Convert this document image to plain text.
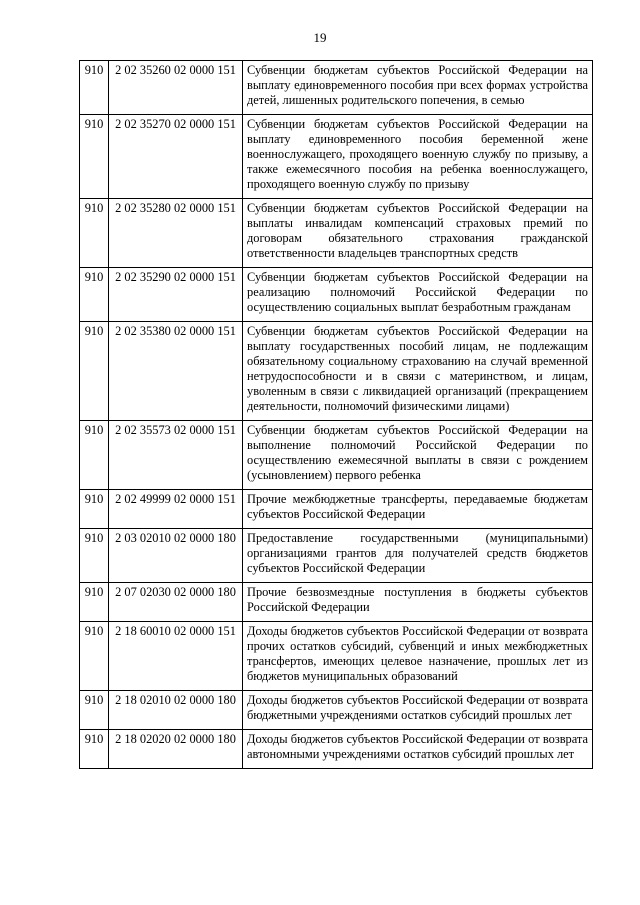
19
910	2 02 35260 02 0000 151	Субвенции бюджетам субъектов Российской Федерации на выплату единовременного пособия при всех формах устройства детей, лишенных родительского попечения, в семью
910	2 02 35270 02 0000 151	Субвенции бюджетам субъектов Российской Федерации на выплату единовременного пособия беременной жене военнослужащего, проходящего военную службу по призыву, а также ежемесячного пособия на ребенка военнослужащего, проходящего военную службу по призыву
910	2 02 35280 02 0000 151	Субвенции бюджетам субъектов Российской Федерации на выплаты инвалидам компенсаций страховых премий по договорам обязательного страхования гражданской ответственности владельцев транспортных средств
910	2 02 35290 02 0000 151	Субвенции бюджетам субъектов Российской Федерации на реализацию полномочий Российской Федерации по осуществлению социальных выплат безработным гражданам
910	2 02 35380 02 0000 151	Субвенции бюджетам субъектов Российской Федерации на выплату государственных пособий лицам, не подлежащим обязательному социальному страхованию на случай временной нетрудоспособности и в связи с материнством, и лицам, уволенным в связи с ликвидацией организаций (прекращением деятельности, полномочий физическими лицами)
910	2 02 35573 02 0000 151	Субвенции бюджетам субъектов Российской Федерации на выполнение полномочий Российской Федерации по осуществлению ежемесячной выплаты в связи с рождением (усыновлением) первого ребенка
910	2 02 49999 02 0000 151	Прочие межбюджетные трансферты, передаваемые бюджетам субъектов Российской Федерации
910	2 03 02010 02 0000 180	Предоставление государственными (муниципальными) организациями грантов для получателей средств бюджетов субъектов Российской Федерации
910	2 07 02030 02 0000 180	Прочие безвозмездные поступления в бюджеты субъектов Российской Федерации
910	2 18 60010 02 0000 151	Доходы бюджетов субъектов Российской Федерации от возврата прочих остатков субсидий, субвенций и иных межбюджетных трансфертов, имеющих целевое назначение, прошлых лет из бюджетов муниципальных образований
910	2 18 02010 02 0000 180	Доходы бюджетов субъектов Российской Федерации от возврата бюджетными учреждениями остатков субсидий прошлых лет
910	2 18 02020 02 0000 180	Доходы бюджетов субъектов Российской Федерации от возврата автономными учреждениями остатков субсидий прошлых лет
